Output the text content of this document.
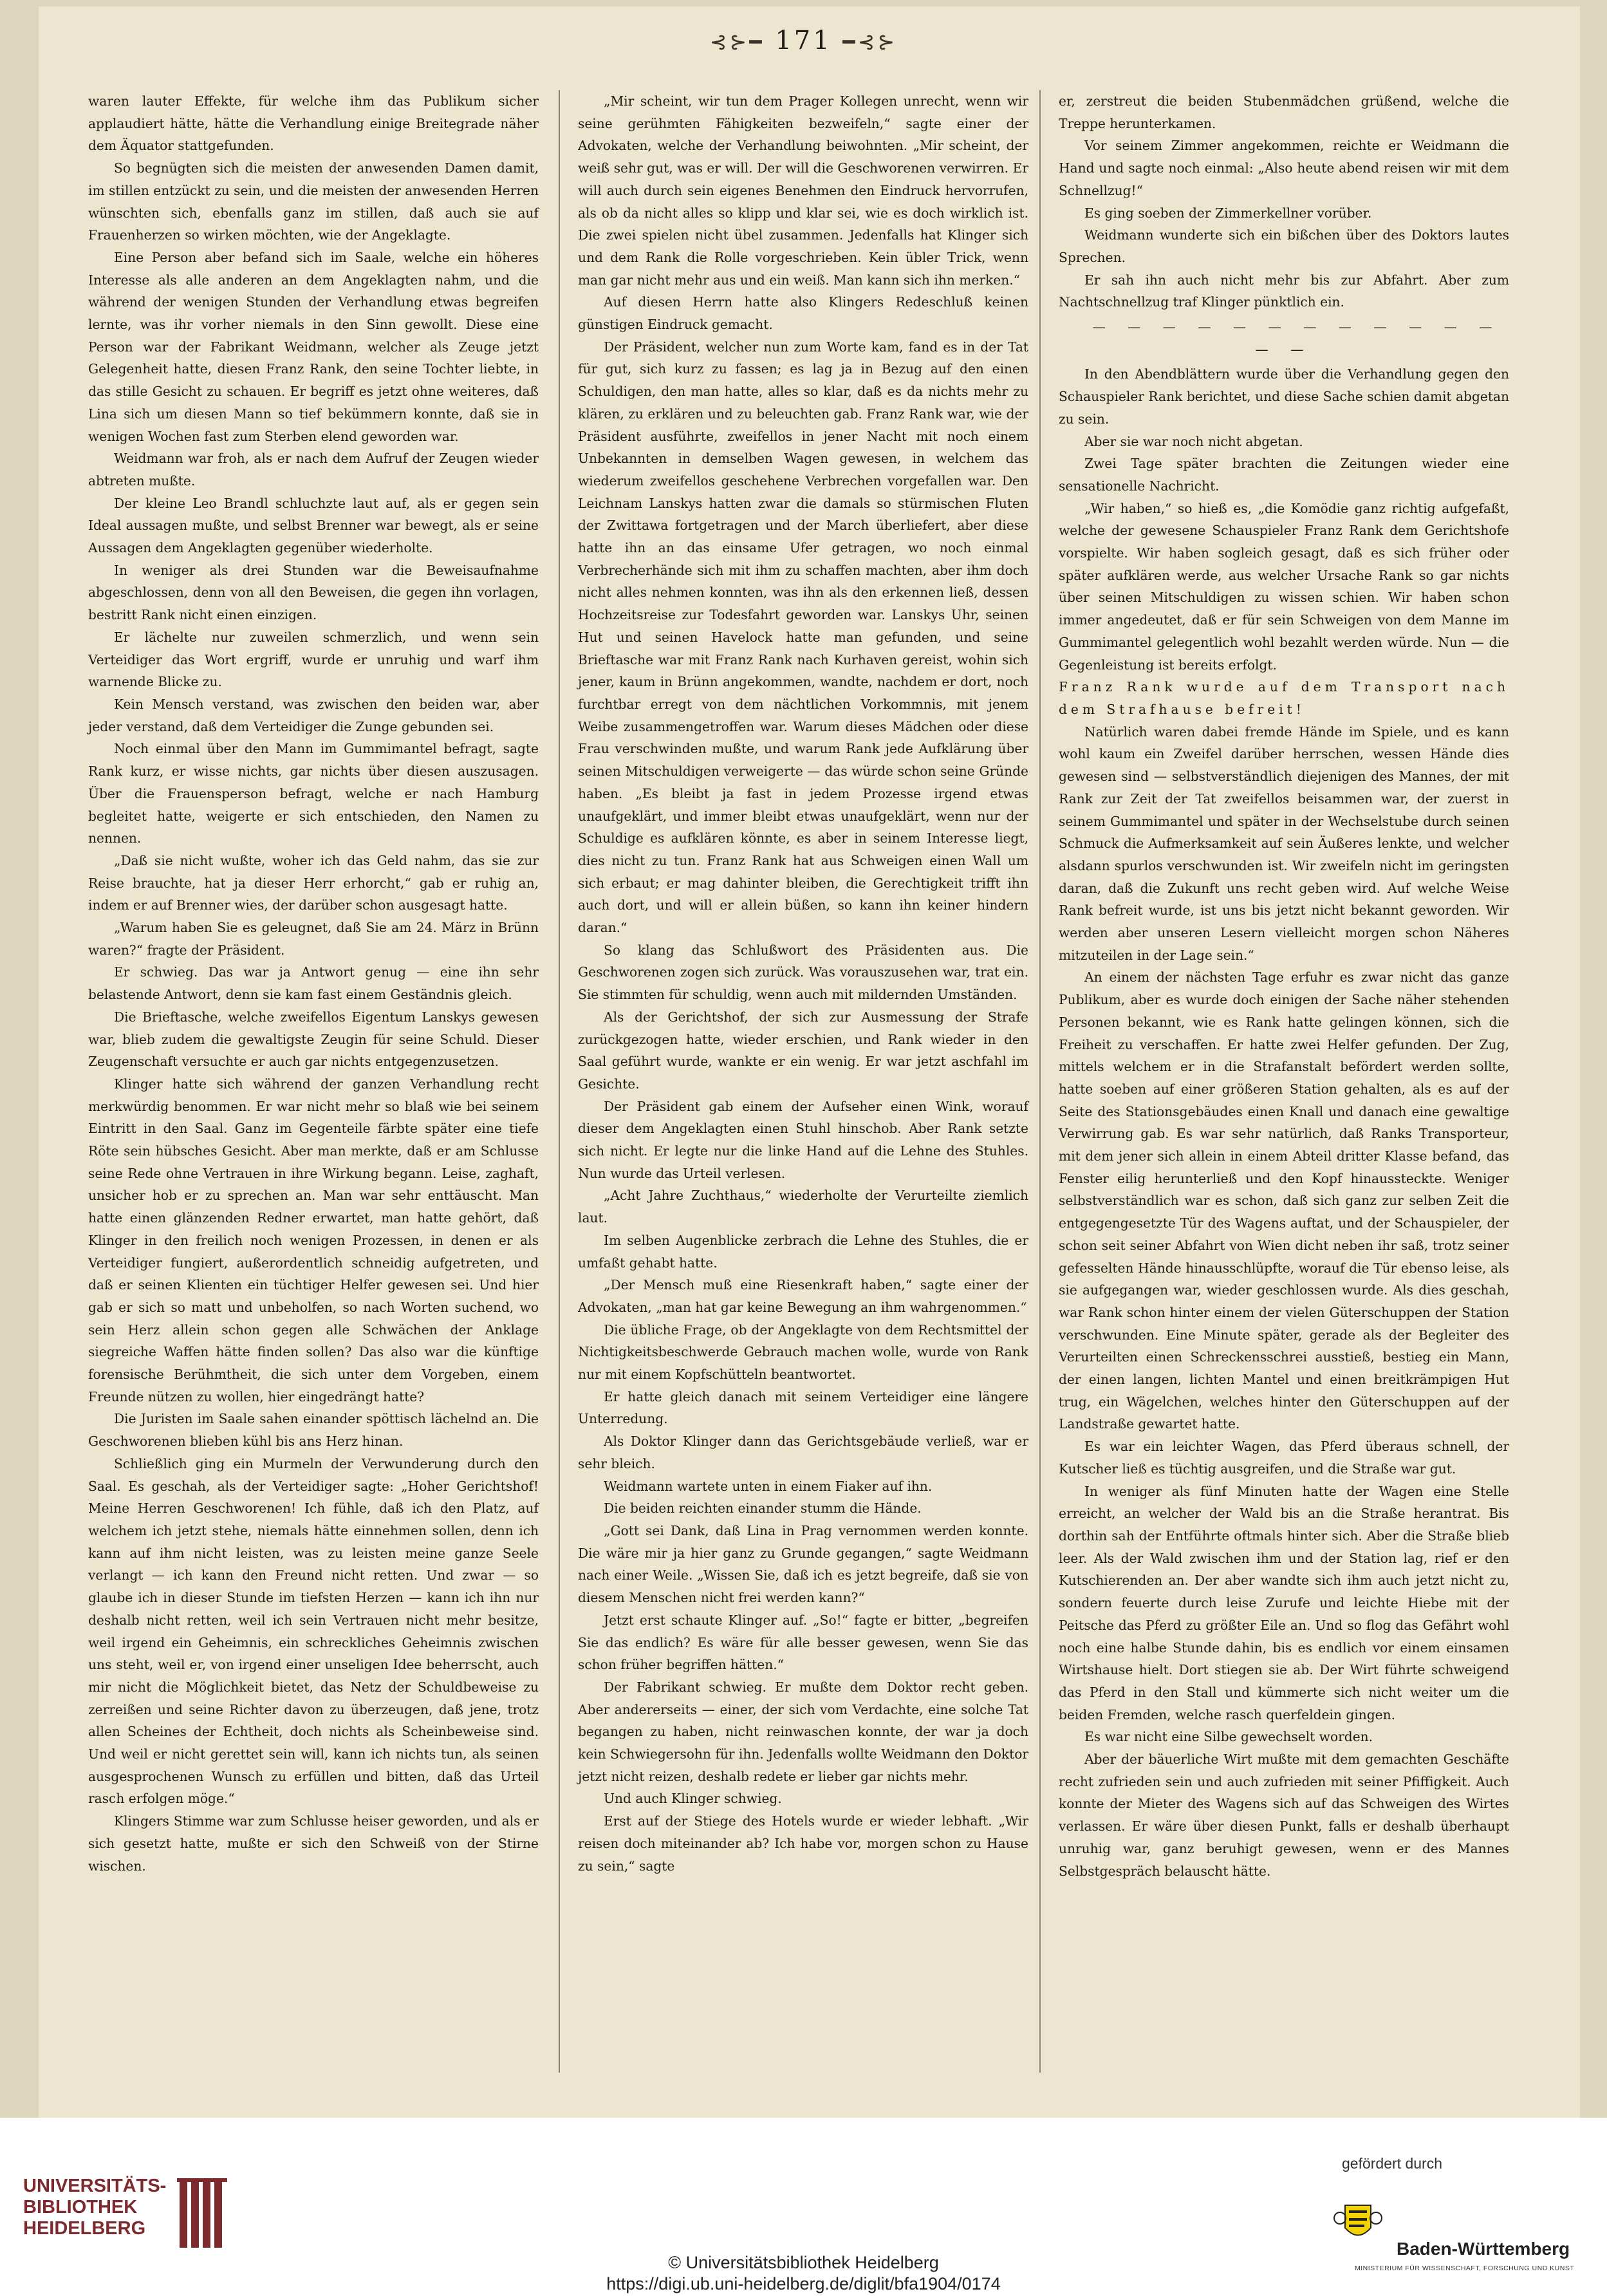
⊰⊱━ 171 ━⊰⊱

waren lauter Effekte, für welche ihm das Publikum sicher applaudiert hätte, hätte die Verhandlung einige Breitegrade näher dem Äquator stattgefunden.

So begnügten sich die meisten der anwesenden Damen damit, im stillen entzückt zu sein, und die meisten der anwesenden Herren wünschten sich, ebenfalls ganz im stillen, daß auch sie auf Frauenherzen so wirken möchten, wie der Angeklagte.

Eine Person aber befand sich im Saale, welche ein höheres Interesse als alle anderen an dem Angeklagten nahm, und die während der wenigen Stunden der Verhandlung etwas begreifen lernte, was ihr vorher niemals in den Sinn gewollt. Diese eine Person war der Fabrikant Weidmann, welcher als Zeuge jetzt Gelegenheit hatte, diesen Franz Rank, den seine Tochter liebte, in das stille Gesicht zu schauen. Er begriff es jetzt ohne weiteres, daß Lina sich um diesen Mann so tief bekümmern konnte, daß sie in wenigen Wochen fast zum Sterben elend geworden war.

Weidmann war froh, als er nach dem Aufruf der Zeugen wieder abtreten mußte.

Der kleine Leo Brandl schluchzte laut auf, als er gegen sein Ideal aussagen mußte, und selbst Brenner war bewegt, als er seine Aussagen dem Angeklagten gegenüber wiederholte.

In weniger als drei Stunden war die Beweisaufnahme abgeschlossen, denn von all den Beweisen, die gegen ihn vorlagen, bestritt Rank nicht einen einzigen.

Er lächelte nur zuweilen schmerzlich, und wenn sein Verteidiger das Wort ergriff, wurde er unruhig und warf ihm warnende Blicke zu.

Kein Mensch verstand, was zwischen den beiden war, aber jeder verstand, daß dem Verteidiger die Zunge gebunden sei.

Noch einmal über den Mann im Gummimantel befragt, sagte Rank kurz, er wisse nichts, gar nichts über diesen auszusagen. Über die Frauensperson befragt, welche er nach Hamburg begleitet hatte, weigerte er sich entschieden, den Namen zu nennen.

„Daß sie nicht wußte, woher ich das Geld nahm, das sie zur Reise brauchte, hat ja dieser Herr erhorcht,“ gab er ruhig an, indem er auf Brenner wies, der darüber schon ausgesagt hatte.

„Warum haben Sie es geleugnet, daß Sie am 24. März in Brünn waren?“ fragte der Präsident.

Er schwieg. Das war ja Antwort genug — eine ihn sehr belastende Antwort, denn sie kam fast einem Geständnis gleich.

Die Brieftasche, welche zweifellos Eigentum Lanskys gewesen war, blieb zudem die gewaltigste Zeugin für seine Schuld. Dieser Zeugenschaft versuchte er auch gar nichts entgegenzusetzen.

Klinger hatte sich während der ganzen Verhandlung recht merkwürdig benommen. Er war nicht mehr so blaß wie bei seinem Eintritt in den Saal. Ganz im Gegenteile färbte später eine tiefe Röte sein hübsches Gesicht. Aber man merkte, daß er am Schlusse seine Rede ohne Vertrauen in ihre Wirkung begann. Leise, zaghaft, unsicher hob er zu sprechen an. Man war sehr enttäuscht. Man hatte einen glänzenden Redner erwartet, man hatte gehört, daß Klinger in den freilich noch wenigen Prozessen, in denen er als Verteidiger fungiert, außerordentlich schneidig aufgetreten, und daß er seinen Klienten ein tüchtiger Helfer gewesen sei. Und hier gab er sich so matt und unbeholfen, so nach Worten suchend, wo sein Herz allein schon gegen alle Schwächen der Anklage siegreiche Waffen hätte finden sollen? Das also war die künftige forensische Berühmtheit, die sich unter dem Vorgeben, einem Freunde nützen zu wollen, hier eingedrängt hatte?

Die Juristen im Saale sahen einander spöttisch lächelnd an. Die Geschworenen blieben kühl bis ans Herz hinan.

Schließlich ging ein Murmeln der Verwunderung durch den Saal. Es geschah, als der Verteidiger sagte: „Hoher Gerichtshof! Meine Herren Geschworenen! Ich fühle, daß ich den Platz, auf welchem ich jetzt stehe, niemals hätte einnehmen sollen, denn ich kann auf ihm nicht leisten, was zu leisten meine ganze Seele verlangt — ich kann den Freund nicht retten. Und zwar — so glaube ich in dieser Stunde im tiefsten Herzen — kann ich ihn nur deshalb nicht retten, weil ich sein Vertrauen nicht mehr besitze, weil irgend ein Geheimnis, ein schreckliches Geheimnis zwischen uns steht, weil er, von irgend einer unseligen Idee beherrscht, auch mir nicht die Möglichkeit bietet, das Netz der Schuldbeweise zu zerreißen und seine Richter davon zu überzeugen, daß jene, trotz allen Scheines der Echtheit, doch nichts als Scheinbeweise sind. Und weil er nicht gerettet sein will, kann ich nichts tun, als seinen ausgesprochenen Wunsch zu erfüllen und bitten, daß das Urteil rasch erfolgen möge.“

Klingers Stimme war zum Schlusse heiser geworden, und als er sich gesetzt hatte, mußte er sich den Schweiß von der Stirne wischen.

„Mir scheint, wir tun dem Prager Kollegen unrecht, wenn wir seine gerühmten Fähigkeiten bezweifeln,“ sagte einer der Advokaten, welche der Verhandlung beiwohnten. „Mir scheint, der weiß sehr gut, was er will. Der will die Geschworenen verwirren. Er will auch durch sein eigenes Benehmen den Eindruck hervorrufen, als ob da nicht alles so klipp und klar sei, wie es doch wirklich ist. Die zwei spielen nicht übel zusammen. Jedenfalls hat Klinger sich und dem Rank die Rolle vorgeschrieben. Kein übler Trick, wenn man gar nicht mehr aus und ein weiß. Man kann sich ihn merken.“

Auf diesen Herrn hatte also Klingers Redeschluß keinen günstigen Eindruck gemacht.

Der Präsident, welcher nun zum Worte kam, fand es in der Tat für gut, sich kurz zu fassen; es lag ja in Bezug auf den einen Schuldigen, den man hatte, alles so klar, daß es da nichts mehr zu klären, zu erklären und zu beleuchten gab. Franz Rank war, wie der Präsident ausführte, zweifellos in jener Nacht mit noch einem Unbekannten in demselben Wagen gewesen, in welchem das wiederum zweifellos geschehene Verbrechen vorgefallen war. Den Leichnam Lanskys hatten zwar die damals so stürmischen Fluten der Zwittawa fortgetragen und der March überliefert, aber diese hatte ihn an das einsame Ufer getragen, wo noch einmal Verbrecherhände sich mit ihm zu schaffen machten, aber ihm doch nicht alles nehmen konnten, was ihn als den erkennen ließ, dessen Hochzeitsreise zur Todesfahrt geworden war. Lanskys Uhr, seinen Hut und seinen Havelock hatte man gefunden, und seine Brieftasche war mit Franz Rank nach Kurhaven gereist, wohin sich jener, kaum in Brünn angekommen, wandte, nachdem er dort, noch furchtbar erregt von dem nächtlichen Vorkommnis, mit jenem Weibe zusammengetroffen war. Warum dieses Mädchen oder diese Frau verschwinden mußte, und warum Rank jede Aufklärung über seinen Mitschuldigen verweigerte — das würde schon seine Gründe haben. „Es bleibt ja fast in jedem Prozesse irgend etwas unaufgeklärt, und immer bleibt etwas unaufgeklärt, wenn nur der Schuldige es aufklären könnte, es aber in seinem Interesse liegt, dies nicht zu tun. Franz Rank hat aus Schweigen einen Wall um sich erbaut; er mag dahinter bleiben, die Gerechtigkeit trifft ihn auch dort, und will er allein büßen, so kann ihn keiner hindern daran.“

So klang das Schlußwort des Präsidenten aus. Die Geschworenen zogen sich zurück. Was vorauszusehen war, trat ein. Sie stimmten für schuldig, wenn auch mit mildernden Umständen.

Als der Gerichtshof, der sich zur Ausmessung der Strafe zurückgezogen hatte, wieder erschien, und Rank wieder in den Saal geführt wurde, wankte er ein wenig. Er war jetzt aschfahl im Gesichte.

Der Präsident gab einem der Aufseher einen Wink, worauf dieser dem Angeklagten einen Stuhl hinschob. Aber Rank setzte sich nicht. Er legte nur die linke Hand auf die Lehne des Stuhles. Nun wurde das Urteil verlesen.

„Acht Jahre Zuchthaus,“ wiederholte der Verurteilte ziemlich laut.

Im selben Augenblicke zerbrach die Lehne des Stuhles, die er umfaßt gehabt hatte.

„Der Mensch muß eine Riesenkraft haben,“ sagte einer der Advokaten, „man hat gar keine Bewegung an ihm wahrgenommen.“

Die übliche Frage, ob der Angeklagte von dem Rechtsmittel der Nichtigkeitsbeschwerde Gebrauch machen wolle, wurde von Rank nur mit einem Kopfschütteln beantwortet.

Er hatte gleich danach mit seinem Verteidiger eine längere Unterredung.

Als Doktor Klinger dann das Gerichtsgebäude verließ, war er sehr bleich.

Weidmann wartete unten in einem Fiaker auf ihn.

Die beiden reichten einander stumm die Hände.

„Gott sei Dank, daß Lina in Prag vernommen werden konnte. Die wäre mir ja hier ganz zu Grunde gegangen,“ sagte Weidmann nach einer Weile. „Wissen Sie, daß ich es jetzt begreife, daß sie von diesem Menschen nicht frei werden kann?“

Jetzt erst schaute Klinger auf. „So!“ fagte er bitter, „begreifen Sie das endlich? Es wäre für alle besser gewesen, wenn Sie das schon früher begriffen hätten.“

Der Fabrikant schwieg. Er mußte dem Doktor recht geben. Aber andererseits — einer, der sich vom Verdachte, eine solche Tat begangen zu haben, nicht reinwaschen konnte, der war ja doch kein Schwiegersohn für ihn. Jedenfalls wollte Weidmann den Doktor jetzt nicht reizen, deshalb redete er lieber gar nichts mehr.

Und auch Klinger schwieg.

Erst auf der Stiege des Hotels wurde er wieder lebhaft. „Wir reisen doch miteinander ab? Ich habe vor, morgen schon zu Hause zu sein,“ sagte

er, zerstreut die beiden Stubenmädchen grüßend, welche die Treppe herunterkamen.

Vor seinem Zimmer angekommen, reichte er Weidmann die Hand und sagte noch einmal: „Also heute abend reisen wir mit dem Schnellzug!“

Es ging soeben der Zimmerkellner vorüber.

Weidmann wunderte sich ein bißchen über des Doktors lautes Sprechen.

Er sah ihn auch nicht mehr bis zur Abfahrt. Aber zum Nachtschnellzug traf Klinger pünktlich ein.

— — — — — — — — — — — — — —

In den Abendblättern wurde über die Verhandlung gegen den Schauspieler Rank berichtet, und diese Sache schien damit abgetan zu sein.

Aber sie war noch nicht abgetan.

Zwei Tage später brachten die Zeitungen wieder eine sensationelle Nachricht.

„Wir haben,“ so hieß es, „die Komödie ganz richtig aufgefaßt, welche der gewesene Schauspieler Franz Rank dem Gerichtshofe vorspielte. Wir haben sogleich gesagt, daß es sich früher oder später aufklären werde, aus welcher Ursache Rank so gar nichts über seinen Mitschuldigen zu wissen schien. Wir haben schon immer angedeutet, daß er für sein Schweigen von dem Manne im Gummimantel gelegentlich wohl bezahlt werden würde. Nun — die Gegenleistung ist bereits erfolgt.

Franz Rank wurde auf dem Transport nach dem Strafhause befreit!

Natürlich waren dabei fremde Hände im Spiele, und es kann wohl kaum ein Zweifel darüber herrschen, wessen Hände dies gewesen sind — selbstverständlich diejenigen des Mannes, der mit Rank zur Zeit der Tat zweifellos beisammen war, der zuerst in seinem Gummimantel und später in der Wechselstube durch seinen Schmuck die Aufmerksamkeit auf sein Äußeres lenkte, und welcher alsdann spurlos verschwunden ist. Wir zweifeln nicht im geringsten daran, daß die Zukunft uns recht geben wird. Auf welche Weise Rank befreit wurde, ist uns bis jetzt nicht bekannt geworden. Wir werden aber unseren Lesern vielleicht morgen schon Näheres mitzuteilen in der Lage sein.“

An einem der nächsten Tage erfuhr es zwar nicht das ganze Publikum, aber es wurde doch einigen der Sache näher stehenden Personen bekannt, wie es Rank hatte gelingen können, sich die Freiheit zu verschaffen. Er hatte zwei Helfer gefunden. Der Zug, mittels welchem er in die Strafanstalt befördert werden sollte, hatte soeben auf einer größeren Station gehalten, als es auf der Seite des Stationsgebäudes einen Knall und danach eine gewaltige Verwirrung gab. Es war sehr natürlich, daß Ranks Transporteur, mit dem jener sich allein in einem Abteil dritter Klasse befand, das Fenster eilig herunterließ und den Kopf hinaussteckte. Weniger selbstverständlich war es schon, daß sich ganz zur selben Zeit die entgegengesetzte Tür des Wagens auftat, und der Schauspieler, der schon seit seiner Abfahrt von Wien dicht neben ihr saß, trotz seiner gefesselten Hände hinausschlüpfte, worauf die Tür ebenso leise, als sie aufgegangen war, wieder geschlossen wurde. Als dies geschah, war Rank schon hinter einem der vielen Güterschuppen der Station verschwunden. Eine Minute später, gerade als der Begleiter des Verurteilten einen Schreckensschrei ausstieß, bestieg ein Mann, der einen langen, lichten Mantel und einen breitkrämpigen Hut trug, ein Wägelchen, welches hinter den Güterschuppen auf der Landstraße gewartet hatte.

Es war ein leichter Wagen, das Pferd überaus schnell, der Kutscher ließ es tüchtig ausgreifen, und die Straße war gut.

In weniger als fünf Minuten hatte der Wagen eine Stelle erreicht, an welcher der Wald bis an die Straße herantrat. Bis dorthin sah der Entführte oftmals hinter sich. Aber die Straße blieb leer. Als der Wald zwischen ihm und der Station lag, rief er den Kutschierenden an. Der aber wandte sich ihm auch jetzt nicht zu, sondern feuerte durch leise Zurufe und leichte Hiebe mit der Peitsche das Pferd zu größter Eile an. Und so flog das Gefährt wohl noch eine halbe Stunde dahin, bis es endlich vor einem einsamen Wirtshause hielt. Dort stiegen sie ab. Der Wirt führte schweigend das Pferd in den Stall und kümmerte sich nicht weiter um die beiden Fremden, welche rasch querfeldein gingen.

Es war nicht eine Silbe gewechselt worden.

Aber der bäuerliche Wirt mußte mit dem gemachten Geschäfte recht zufrieden sein und auch zufrieden mit seiner Pfiffigkeit. Auch konnte der Mieter des Wagens sich auf das Schweigen des Wirtes verlassen. Er wäre über diesen Punkt, falls er deshalb überhaupt unruhig war, ganz beruhigt gewesen, wenn er des Mannes Selbstgespräch belauscht hätte.

UNIVERSITÄTS-
BIBLIOTHEK
HEIDELBERG
© Universitätsbibliothek Heidelberg
https://digi.ub.uni-heidelberg.de/diglit/bfa1904/0174
gefördert durch
Baden-Württemberg
MINISTERIUM FÜR WISSENSCHAFT, FORSCHUNG UND KUNST
